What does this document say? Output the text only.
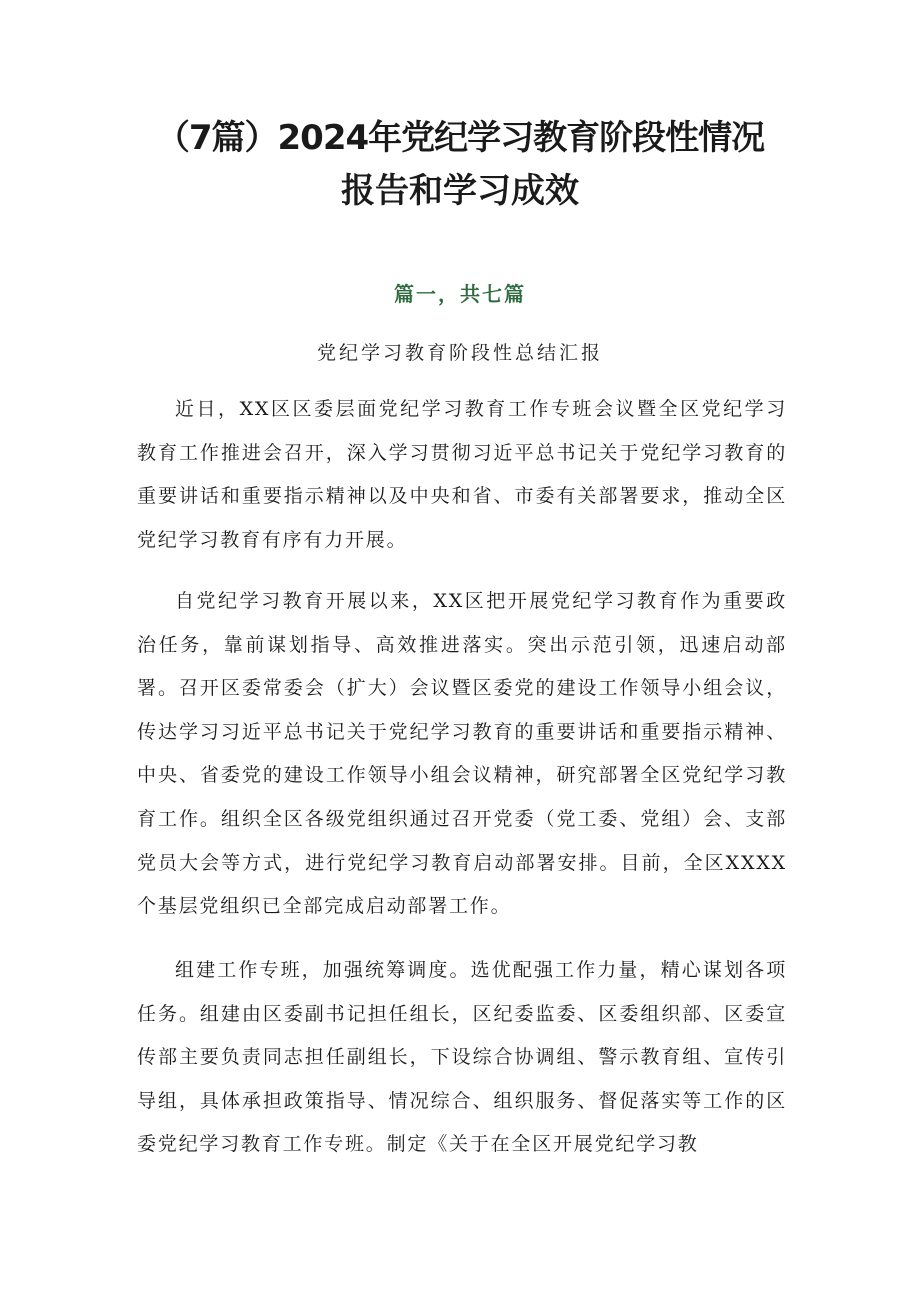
（7篇）2024年党纪学习教育阶段性情况
报告和学习成效
篇一，共七篇
党纪学习教育阶段性总结汇报

近日，XX区区委层面党纪学习教育工作专班会议暨全区党纪学习教育工作推进会召开，深入学习贯彻习近平总书记关于党纪学习教育的重要讲话和重要指示精神以及中央和省、市委有关部署要求，推动全区党纪学习教育有序有力开展。

自党纪学习教育开展以来，XX区把开展党纪学习教育作为重要政治任务，靠前谋划指导、高效推进落实。突出示范引领，迅速启动部署。召开区委常委会（扩大）会议暨区委党的建设工作领导小组会议，传达学习习近平总书记关于党纪学习教育的重要讲话和重要指示精神、中央、省委党的建设工作领导小组会议精神，研究部署全区党纪学习教育工作。组织全区各级党组织通过召开党委（党工委、党组）会、支部党员大会等方式，进行党纪学习教育启动部署安排。目前，全区XXXX个基层党组织已全部完成启动部署工作。

组建工作专班，加强统筹调度。选优配强工作力量，精心谋划各项任务。组建由区委副书记担任组长，区纪委监委、区委组织部、区委宣传部主要负责同志担任副组长，下设综合协调组、警示教育组、宣传引导组，具体承担政策指导、情况综合、组织服务、督促落实等工作的区委党纪学习教育工作专班。制定《关于在全区开展党纪学习教
